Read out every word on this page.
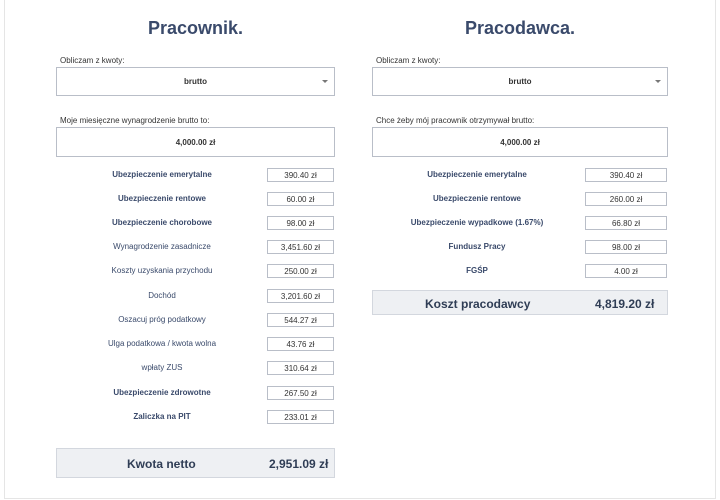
Pracownik.
Obliczam z kwoty:
brutto
Moje miesięczne wynagrodzenie brutto to:
4,000.00 zł
Ubezpieczenie emerytalne	390.40 zł
Ubezpieczenie rentowe	60.00 zł
Ubezpieczenie chorobowe	98.00 zł
Wynagrodzenie zasadnicze	3,451.60 zł
Koszty uzyskania przychodu	250.00 zł
Dochód	3,201.60 zł
Oszacuj próg podatkowy	544.27 zł
Ulga podatkowa / kwota wolna	43.76 zł
wpłaty ZUS	310.64 zł
Ubezpieczenie zdrowotne	267.50 zł
Zaliczka na PIT	233.01 zł
Kwota netto	2,951.09 zł
Pracodawca.
Obliczam z kwoty:
brutto
Chce żeby mój pracownik otrzymywał brutto:
4,000.00 zł
Ubezpieczenie emerytalne	390.40 zł
Ubezpieczenie rentowe	260.00 zł
Ubezpieczenie wypadkowe (1.67%)	66.80 zł
Fundusz Pracy	98.00 zł
FGŚP	4.00 zł
Koszt pracodawcy	4,819.20 zł
